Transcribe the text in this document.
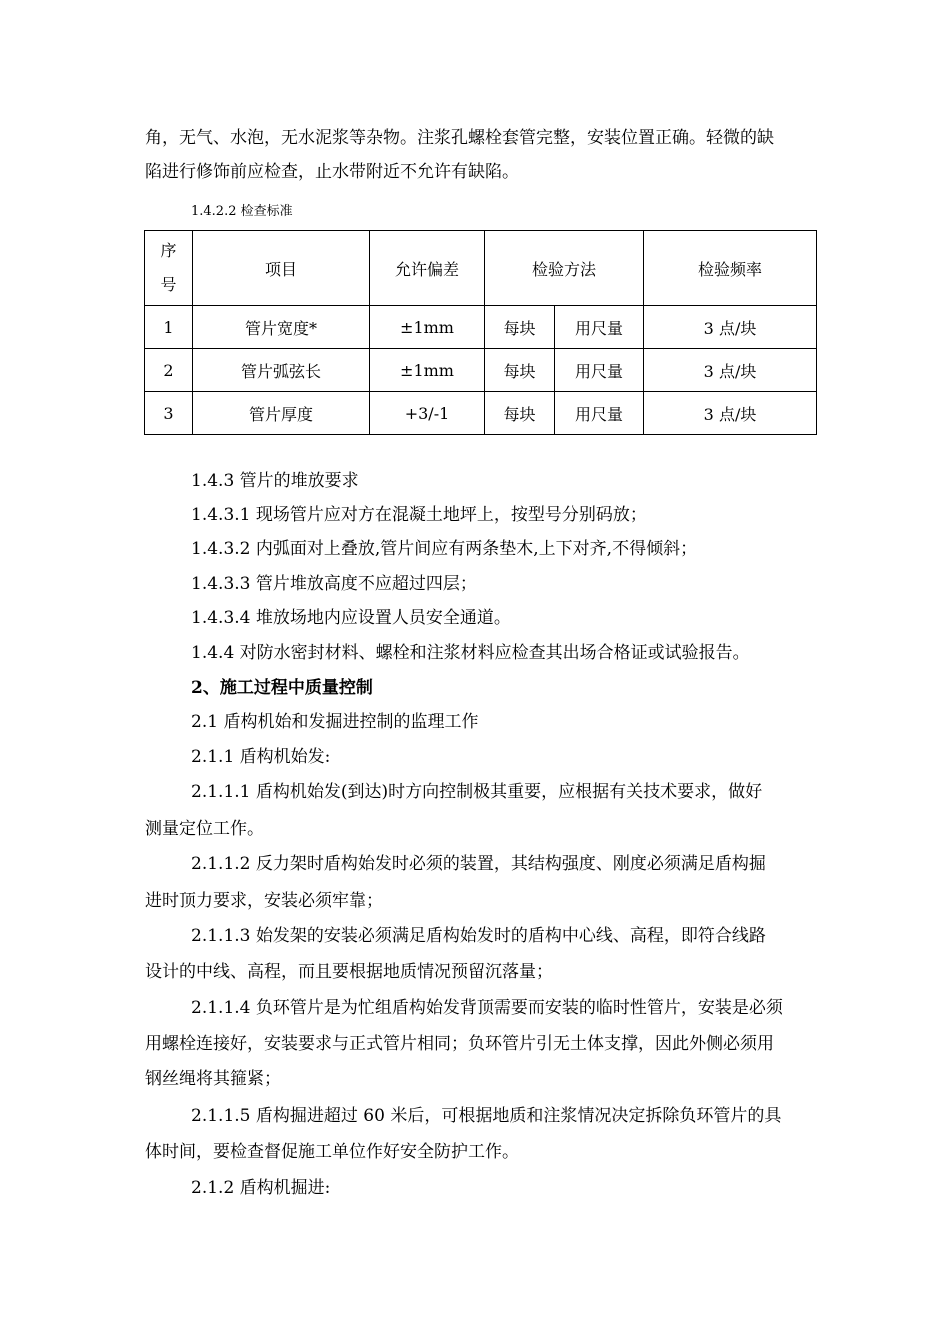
角，无气、水泡，无水泥浆等杂物。注浆孔螺栓套管完整，安装位置正确。轻微的缺
陷进行修饰前应检查，止水带附近不允许有缺陷。
1.4.2.2 检查标准
序号	项目	允许偏差	检验方法		检验频率
1	管片宽度*	±1mm	每块	用尺量	3 点/块
2	管片弧弦长	±1mm	每块	用尺量	3 点/块
3	管片厚度	+3/-1	每块	用尺量	3 点/块
1.4.3 管片的堆放要求
1.4.3.1 现场管片应对方在混凝土地坪上，按型号分别码放；
1.4.3.2 内弧面对上叠放,管片间应有两条垫木,上下对齐,不得倾斜；
1.4.3.3 管片堆放高度不应超过四层；
1.4.3.4 堆放场地内应设置人员安全通道。
1.4.4 对防水密封材料、螺栓和注浆材料应检查其出场合格证或试验报告。
2、施工过程中质量控制
2.1 盾构机始和发掘进控制的监理工作
2.1.1 盾构机始发:
2.1.1.1 盾构机始发(到达)时方向控制极其重要，应根据有关技术要求，做好
测量定位工作。
2.1.1.2 反力架时盾构始发时必须的装置，其结构强度、刚度必须满足盾构掘
进时顶力要求，安装必须牢靠；
2.1.1.3 始发架的安装必须满足盾构始发时的盾构中心线、高程，即符合线路
设计的中线、高程，而且要根据地质情况预留沉落量；
2.1.1.4 负环管片是为忙组盾构始发背顶需要而安装的临时性管片，安装是必须
用螺栓连接好，安装要求与正式管片相同；负环管片引无土体支撑，因此外侧必须用
钢丝绳将其箍紧；
2.1.1.5 盾构掘进超过 60 米后，可根据地质和注浆情况决定拆除负环管片的具
体时间，要检查督促施工单位作好安全防护工作。
2.1.2 盾构机掘进:
